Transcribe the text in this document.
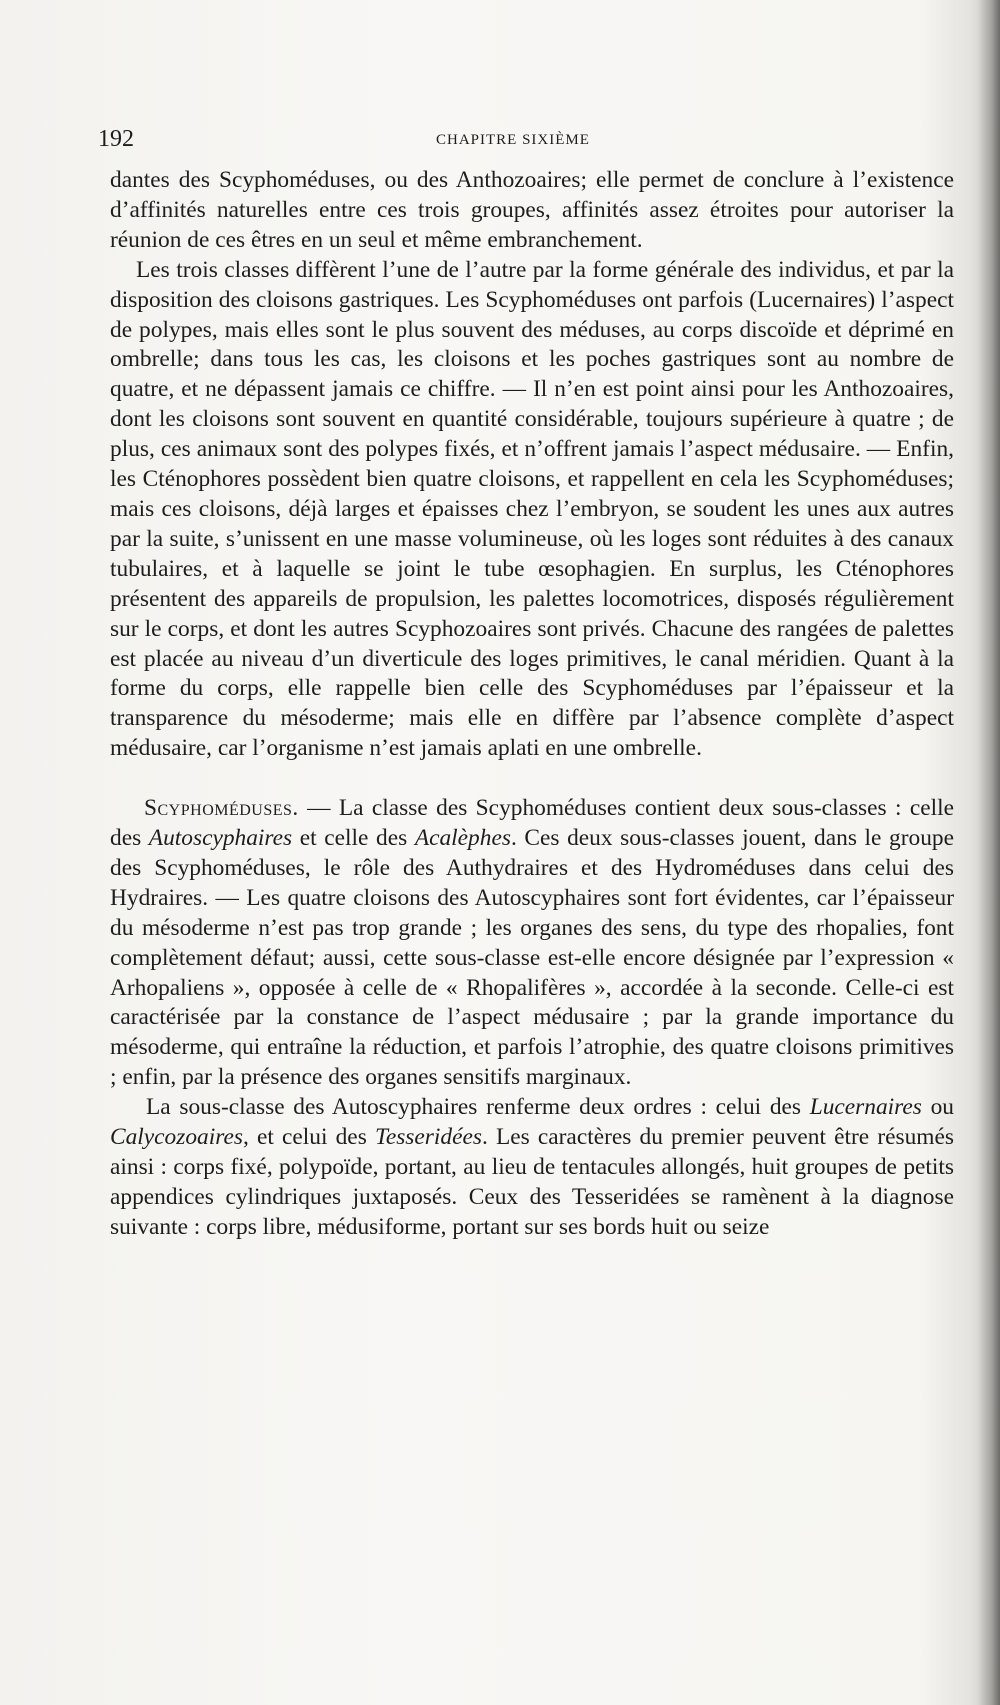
192	CHAPITRE SIXIÈME

dantes des Scyphoméduses, ou des Anthozoaires; elle permet de conclure à l’existence d’affinités naturelles entre ces trois groupes, affinités assez étroites pour autoriser la réunion de ces êtres en un seul et même embranchement.

Les trois classes diffèrent l’une de l’autre par la forme générale des individus, et par la disposition des cloisons gastriques. Les Scyphoméduses ont parfois (Lucernaires) l’aspect de polypes, mais elles sont le plus souvent des méduses, au corps discoïde et déprimé en ombrelle; dans tous les cas, les cloisons et les poches gastriques sont au nombre de quatre, et ne dépassent jamais ce chiffre. — Il n’en est point ainsi pour les Anthozoaires, dont les cloisons sont souvent en quantité considérable, toujours supérieure à quatre ; de plus, ces animaux sont des polypes fixés, et n’offrent jamais l’aspect médusaire. — Enfin, les Cténophores possèdent bien quatre cloisons, et rappellent en cela les Scyphoméduses; mais ces cloisons, déjà larges et épaisses chez l’embryon, se soudent les unes aux autres par la suite, s’unissent en une masse volumineuse, où les loges sont réduites à des canaux tubulaires, et à laquelle se joint le tube œsophagien. En surplus, les Cténophores présentent des appareils de propulsion, les palettes locomotrices, disposés régulièrement sur le corps, et dont les autres Scyphozoaires sont privés. Chacune des rangées de palettes est placée au niveau d’un diverticule des loges primitives, le canal méridien. Quant à la forme du corps, elle rappelle bien celle des Scyphoméduses par l’épaisseur et la transparence du mésoderme; mais elle en diffère par l’absence complète d’aspect médusaire, car l’organisme n’est jamais aplati en une ombrelle.

Scyphoméduses. — La classe des Scyphoméduses contient deux sous-classes : celle des Autoscyphaires et celle des Acalèphes. Ces deux sous-classes jouent, dans le groupe des Scyphoméduses, le rôle des Authydraires et des Hydroméduses dans celui des Hydraires. — Les quatre cloisons des Autoscyphaires sont fort évidentes, car l’épaisseur du mésoderme n’est pas trop grande ; les organes des sens, du type des rhopalies, font complètement défaut; aussi, cette sous-classe est-elle encore désignée par l’expression « Arhopaliens », opposée à celle de « Rhopalifères », accordée à la seconde. Celle-ci est caractérisée par la constance de l’aspect médusaire ; par la grande importance du mésoderme, qui entraîne la réduction, et parfois l’atrophie, des quatre cloisons primitives ; enfin, par la présence des organes sensitifs marginaux.

La sous-classe des Autoscyphaires renferme deux ordres : celui des Lucernaires ou Calycozoaires, et celui des Tesseridées. Les caractères du premier peuvent être résumés ainsi : corps fixé, polypoïde, portant, au lieu de tentacules allongés, huit groupes de petits appendices cylindriques juxtaposés. Ceux des Tesseridées se ramènent à la diagnose suivante : corps libre, médusiforme, portant sur ses bords huit ou seize
